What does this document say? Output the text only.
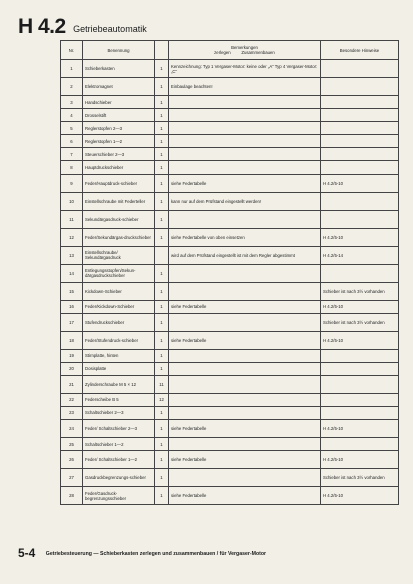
H 4.2 Getriebeautomatik
Nr.	Benennung		Bemerkungen
zerlegen         Zusammenbauen	Besondere Hinweise
1	Schieberkasten	1	Kennzeichnung: Typ 1 Vergaser-Motor: keine oder „A“ Typ 4 Vergaser-Motor: „C“	
2	Elektromagnet	1	Einbaulage beachten!	
3	Handschieber	1		
4	Drosselstift	1		
5	Reglerstopfen 2—3	1		
6	Reglerstopfen 1—2	1		
7	Steuerschieber 2—3	1		
8	Hauptdruckschieber	1		
9	Feder/Hauptdruck-schieber	1	siehe Federtabelle	H 4.2/5-10
10	Einstellschraube mit Federteller	1	kann nur auf dem Prüfstand eingestellt werden!	
11	Sekundärgasdruck-schieber	1		
12	Feder/Sekundärgas-druckschieber	1	siehe Federtabelle von oben einsetzen	H 4.2/5-10
13	Einstellschraube/ Sekundärgasdruck		wird auf dem Prüfstand eingestellt ist mit dem Regler abgestimmt	H 4.2/5-14
14	Entlegungsstopfen/Sekun-därgasdruckschieber	1		
15	Kickdown-Schieber	1		Schieber ist nach 3½ vorhanden
16	Feder/Kickdown-Schieber	1	siehe Federtabelle	H 4.2/5-10
17	Stufendruckschieber	1		Schieber ist nach 3½ vorhanden
18	Feder/Stufendruck-schieber	1	siehe Federtabelle	H 4.2/5-10
19	Stirnplatte, hinten	1		
20	Dosisplatte	1		
21	Zylinderschraube M 5 × 12	11		
22	Federscheibe B 5	12		
23	Schaltschieber 2—3	1		
24	Feder/ Schaltschieber 2—3	1	siehe Federtabelle	H 4.2/5-10
25	Schaltschieber 1—2	1		
26	Feder/ Schaltschieber 1—2	1	siehe Federtabelle	H 4.2/5-10
27	Gasdruckbegrenzungs-schieber	1		Schieber ist nach 3½ vorhanden
28	Feder/Gasdruck-begrenzungsschieber	1	siehe Federtabelle	H 4.2/5-10
5-4 Getriebesteuerung — Schieberkasten zerlegen und zusammenbauen / für Vergaser-Motor
